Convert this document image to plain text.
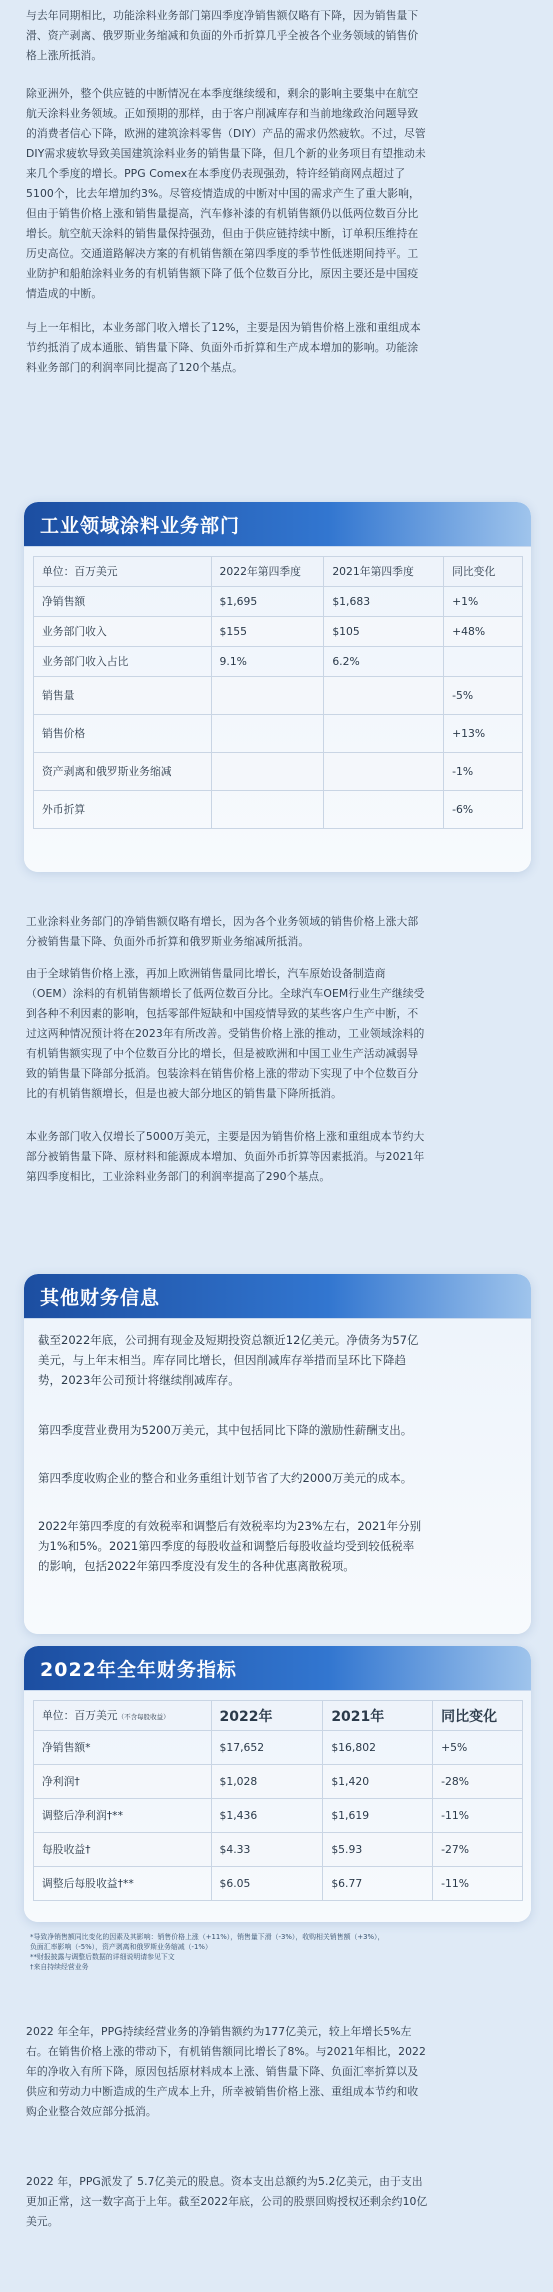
与去年同期相比，功能涂料业务部门第四季度净销售额仅略有下降，因为销售量下
滑、资产剥离、俄罗斯业务缩减和负面的外币折算几乎全被各个业务领域的销售价
格上涨所抵消。

除亚洲外，整个供应链的中断情况在本季度继续缓和，剩余的影响主要集中在航空
航天涂料业务领域。正如预期的那样，由于客户削减库存和当前地缘政治问题导致
的消费者信心下降，欧洲的建筑涂料零售（DIY）产品的需求仍然疲软。不过，尽管
DIY需求疲软导致美国建筑涂料业务的销售量下降，但几个新的业务项目有望推动未
来几个季度的增长。PPG Comex在本季度仍表现强劲，特许经销商网点超过了
5100个，比去年增加约3%。尽管疫情造成的中断对中国的需求产生了重大影响，
但由于销售价格上涨和销售量提高，汽车修补漆的有机销售额仍以低两位数百分比
增长。航空航天涂料的销售量保持强劲，但由于供应链持续中断，订单积压维持在
历史高位。交通道路解决方案的有机销售额在第四季度的季节性低迷期间持平。工
业防护和船舶涂料业务的有机销售额下降了低个位数百分比，原因主要还是中国疫
情造成的中断。

与上一年相比，本业务部门收入增长了12%，主要是因为销售价格上涨和重组成本
节约抵消了成本通胀、销售量下降、负面外币折算和生产成本增加的影响。功能涂
料业务部门的利润率同比提高了120个基点。

工业领域涂料业务部门
单位：百万美元	2022年第四季度	2021年第四季度	同比变化
净销售额	$1,695	$1,683	+1%
业务部门收入	$155	$105	+48%
业务部门收入占比	9.1%	6.2%	
销售量			-5%
销售价格			+13%
资产剥离和俄罗斯业务缩减			-1%
外币折算			-6%

工业涂料业务部门的净销售额仅略有增长，因为各个业务领域的销售价格上涨大部
分被销售量下降、负面外币折算和俄罗斯业务缩减所抵消。

由于全球销售价格上涨，再加上欧洲销售量同比增长，汽车原始设备制造商
（OEM）涂料的有机销售额增长了低两位数百分比。全球汽车OEM行业生产继续受
到各种不利因素的影响，包括零部件短缺和中国疫情导致的某些客户生产中断，不
过这两种情况预计将在2023年有所改善。受销售价格上涨的推动，工业领域涂料的
有机销售额实现了中个位数百分比的增长，但是被欧洲和中国工业生产活动减弱导
致的销售量下降部分抵消。包装涂料在销售价格上涨的带动下实现了中个位数百分
比的有机销售额增长，但是也被大部分地区的销售量下降所抵消。

本业务部门收入仅增长了5000万美元，主要是因为销售价格上涨和重组成本节约大
部分被销售量下降、原材料和能源成本增加、负面外币折算等因素抵消。与2021年
第四季度相比，工业涂料业务部门的利润率提高了290个基点。

其他财务信息

截至2022年底，公司拥有现金及短期投资总额近12亿美元。净债务为57亿
美元，与上年末相当。库存同比增长，但因削减库存举措而呈环比下降趋
势，2023年公司预计将继续削减库存。

第四季度营业费用为5200万美元，其中包括同比下降的激励性薪酬支出。

第四季度收购企业的整合和业务重组计划节省了大约2000万美元的成本。

2022年第四季度的有效税率和调整后有效税率均为23%左右，2021年分别
为1%和5%。2021第四季度的每股收益和调整后每股收益均受到较低税率
的影响，包括2022年第四季度没有发生的各种优惠离散税项。

2022年全年财务指标
单位：百万美元（不含每股收益）	2022年	2021年	同比变化
净销售额*	$17,652	$16,802	+5%
净利润†	$1,028	$1,420	-28%
调整后净利润†**	$1,436	$1,619	-11%
每股收益†	$4.33	$5.93	-27%
调整后每股收益†**	$6.05	$6.77	-11%

*导致净销售额同比变化的因素及其影响：销售价格上涨（+11%），销售量下滑（-3%），收购相关销售额（+3%），
负面汇率影响（-5%），资产剥离和俄罗斯业务缩减（-1%）
**财报披露与调整后数据的详细说明请参见下文
†来自持续经营业务

2022 年全年，PPG持续经营业务的净销售额约为177亿美元，较上年增长5%左
右。在销售价格上涨的带动下，有机销售额同比增长了8%。与2021年相比，2022
年的净收入有所下降，原因包括原材料成本上涨、销售量下降、负面汇率折算以及
供应和劳动力中断造成的生产成本上升，所幸被销售价格上涨、重组成本节约和收
购企业整合效应部分抵消。

2022 年，PPG派发了 5.7亿美元的股息。资本支出总额约为5.2亿美元，由于支出
更加正常，这一数字高于上年。截至2022年底，公司的股票回购授权还剩余约10亿
美元。
